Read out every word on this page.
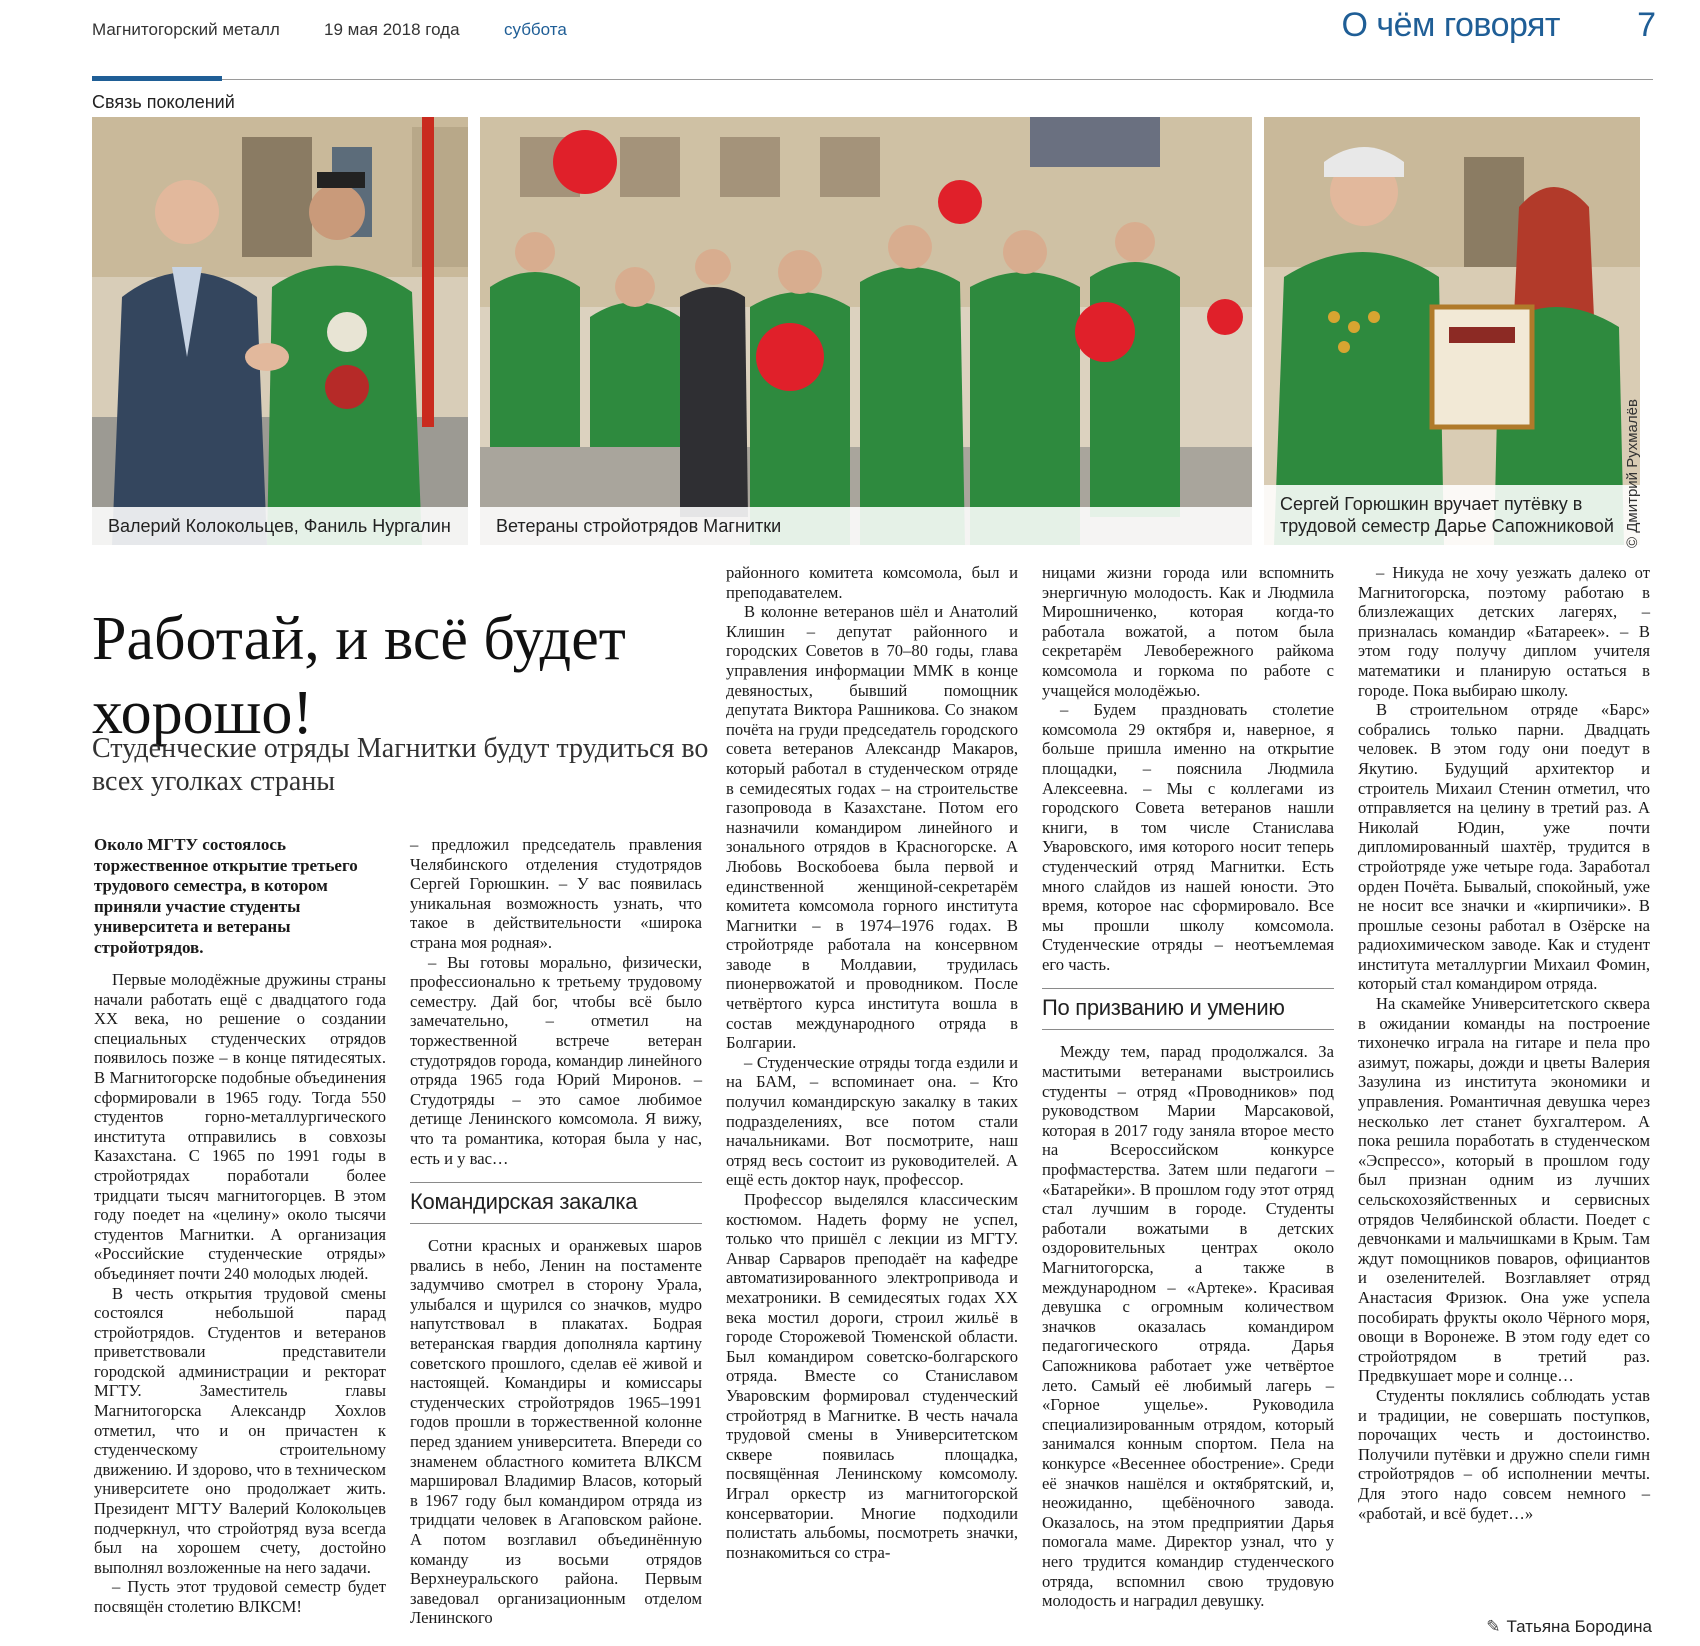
Магнитогорский металл	19 мая 2018 года	суббота	О чём говорят 7
Связь поколений
Валерий Колокольцев, Фаниль Нургалин	Ветераны стройотрядов Магнитки
Сергей Горюшкин вручает путёвку в трудовой семестр Дарье Сапожниковой © Дмитрий Рухмалёв
Работай, и всё будет хорошо!
Студенческие отряды Магнитки будут трудиться во всех уголках страны

Около МГТУ состоялось торжественное открытие третьего трудового семестра, в котором приняли участие студенты университета и ветераны стройотрядов.

Первые молодёжные дружины страны начали работать ещё с двадцатого года XX века, но решение о создании специальных студенческих отрядов появилось позже – в конце пятидесятых. В Магнитогорске подобные объединения сформировали в 1965 году. Тогда 550 студентов горно-металлургического института отправились в совхозы Казахстана. С 1965 по 1991 годы в стройотрядах поработали более тридцати тысяч магнитогорцев. В этом году поедет на «целину» около тысячи студентов Магнитки. А организация «Российские студенческие отряды» объединяет почти 240 молодых людей.

В честь открытия трудовой смены состоялся небольшой парад стройотрядов. Студентов и ветеранов приветствовали представители городской администрации и ректорат МГТУ. Заместитель главы Магнитогорска Александр Хохлов отметил, что и он причастен к студенческому строительному движению. И здорово, что в техническом университете оно продолжает жить. Президент МГТУ Валерий Колокольцев подчеркнул, что стройотряд вуза всегда был на хорошем счету, достойно выполнял возложенные на него задачи.

– Пусть этот трудовой семестр будет посвящён столетию ВЛКСМ!

– предложил председатель правления Челябинского отделения студотрядов Сергей Горюшкин. – У вас появилась уникальная возможность узнать, что такое в действительности «широка страна моя родная».

– Вы готовы морально, физически, профессионально к третьему трудовому семестру. Дай бог, чтобы всё было замечательно, – отметил на торжественной встрече ветеран студотрядов города, командир линейного отряда 1965 года Юрий Миронов. – Студотряды – это самое любимое детище Ленинского комсомола. Я вижу, что та романтика, которая была у нас, есть и у вас…

Командирская закалка

Сотни красных и оранжевых шаров рвались в небо, Ленин на постаменте задумчиво смотрел в сторону Урала, улыбался и щурился со значков, мудро напутствовал в плакатах. Бодрая ветеранская гвардия дополняла картину советского прошлого, сделав её живой и настоящей. Командиры и комиссары студенческих стройотрядов 1965–1991 годов прошли в торжественной колонне перед зданием университета. Впереди со знаменем областного комитета ВЛКСМ маршировал Владимир Власов, который в 1967 году был командиром отряда из тридцати человек в Агаповском районе. А потом возглавил объединённую команду из восьми отрядов Верхнеуральского района. Первым заведовал организационным отделом Ленинского

районного комитета комсомола, был и преподавателем.

В колонне ветеранов шёл и Анатолий Клишин – депутат районного и городских Советов в 70–80 годы, глава управления информации ММК в конце девяностых, бывший помощник депутата Виктора Рашникова. Со знаком почёта на груди председатель городского совета ветеранов Александр Макаров, который работал в студенческом отряде в семидесятых годах – на строительстве газопровода в Казахстане. Потом его назначили командиром линейного и зонального отрядов в Красногорске. А Любовь Воскобоева была первой и единственной женщиной-секретарём комитета комсомола горного института Магнитки – в 1974–1976 годах. В стройотряде работала на консервном заводе в Молдавии, трудилась пионервожатой и проводником. После четвёртого курса института вошла в состав международного отряда в Болгарии.

– Студенческие отряды тогда ездили и на БАМ, – вспоминает она. – Кто получил командирскую закалку в таких подразделениях, все потом стали начальниками. Вот посмотрите, наш отряд весь состоит из руководителей. А ещё есть доктор наук, профессор.

Профессор выделялся классическим костюмом. Надеть форму не успел, только что пришёл с лекции из МГТУ. Анвар Сарваров преподаёт на кафедре автоматизированного электропривода и мехатроники. В семидесятых годах XX века мостил дороги, строил жильё в городе Сторожевой Тюменской области. Был командиром советско-болгарского отряда. Вместе со Станиславом Уваровским формировал студенческий стройотряд в Магнитке. В честь начала трудовой смены в Университетском сквере появилась площадка, посвящённая Ленинскому комсомолу. Играл оркестр из магнитогорской консерватории. Многие подходили полистать альбомы, посмотреть значки, познакомиться со стра-

ницами жизни города или вспомнить энергичную молодость. Как и Людмила Мирошниченко, которая когда-то работала вожатой, а потом была секретарём Левобережного райкома комсомола и горкома по работе с учащейся молодёжью.

– Будем праздновать столетие комсомола 29 октября и, наверное, я больше пришла именно на открытие площадки, – пояснила Людмила Алексеевна. – Мы с коллегами из городского Совета ветеранов нашли книги, в том числе Станислава Уваровского, имя которого носит теперь студенческий отряд Магнитки. Есть много слайдов из нашей юности. Это время, которое нас сформировало. Все мы прошли школу комсомола. Студенческие отряды – неотъемлемая его часть.

По призванию и умению

Между тем, парад продолжался. За маститыми ветеранами выстроились студенты – отряд «Проводников» под руководством Марии Марсаковой, которая в 2017 году заняла второе место на Всероссийском конкурсе профмастерства. Затем шли педагоги – «Батарейки». В прошлом году этот отряд стал лучшим в городе. Студенты работали вожатыми в детских оздоровительных центрах около Магнитогорска, а также в международном – «Артеке». Красивая девушка с огромным количеством значков оказалась командиром педагогического отряда. Дарья Сапожникова работает уже четвёртое лето. Самый её любимый лагерь – «Горное ущелье». Руководила специализированным отрядом, который занимался конным спортом. Пела на конкурсе «Весеннее обострение». Среди её значков нашёлся и октябрятский, и, неожиданно, щебёночного завода. Оказалось, на этом предприятии Дарья помогала маме. Директор узнал, что у него трудится командир студенческого отряда, вспомнил свою трудовую молодость и наградил девушку.

– Никуда не хочу уезжать далеко от Магнитогорска, поэтому работаю в близлежащих детских лагерях, – призналась командир «Батареек». – В этом году получу диплом учителя математики и планирую остаться в городе. Пока выбираю школу.

В строительном отряде «Барс» собрались только парни. Двадцать человек. В этом году они поедут в Якутию. Будущий архитектор и строитель Михаил Стенин отметил, что отправляется на целину в третий раз. А Николай Юдин, уже почти дипломированный шахтёр, трудится в стройотряде уже четыре года. Заработал орден Почёта. Бывалый, спокойный, уже не носит все значки и «кирпичики». В прошлые сезоны работал в Озёрске на радиохимическом заводе. Как и студент института металлургии Михаил Фомин, который стал командиром отряда.

На скамейке Университетского сквера в ожидании команды на построение тихонечко играла на гитаре и пела про азимут, пожары, дожди и цветы Валерия Зазулина из института экономики и управления. Романтичная девушка через несколько лет станет бухгалтером. А пока решила поработать в студенческом «Эспрессо», который в прошлом году был признан одним из лучших сельскохозяйственных и сервисных отрядов Челябинской области. Поедет с девчонками и мальчишками в Крым. Там ждут помощников поваров, официантов и озеленителей. Возглавляет отряд Анастасия Фризюк. Она уже успела пособирать фрукты около Чёрного моря, овощи в Воронеже. В этом году едет со стройотрядом в третий раз. Предвкушает море и солнце…

Студенты поклялись соблюдать устав и традиции, не совершать поступков, порочащих честь и достоинство. Получили путёвки и дружно спели гимн стройотрядов – об исполнении мечты. Для этого надо совсем немного – «работай, и всё будет…»

✎ Татьяна Бородина
